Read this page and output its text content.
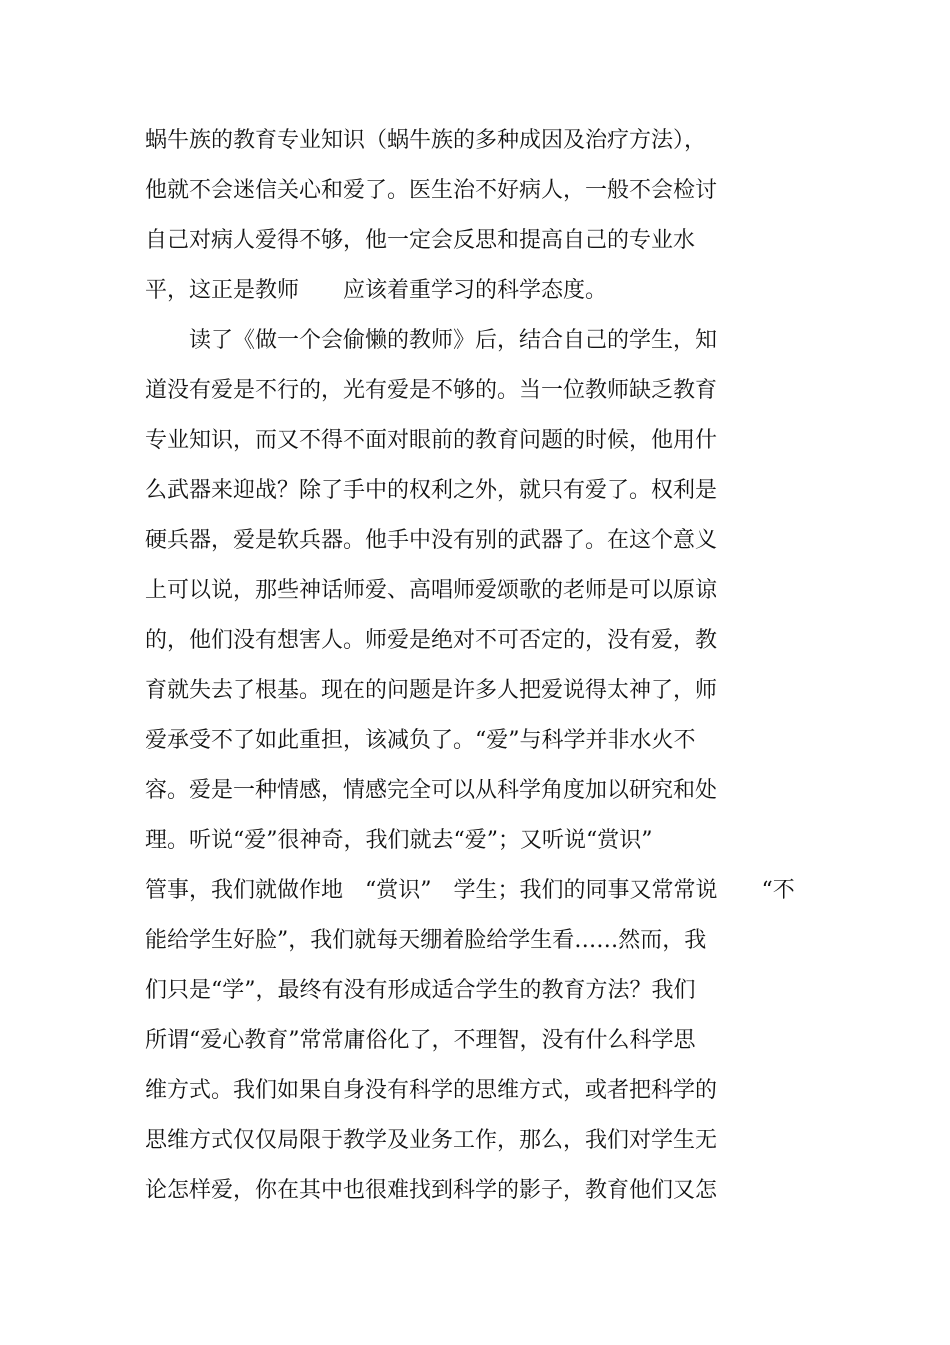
蜗牛族的教育专业知识（蜗牛族的多种成因及治疗方法），
他就不会迷信关心和爱了。医生治不好病人，一般不会检讨
自己对病人爱得不够，他一定会反思和提高自己的专业水
平，这正是教师　　应该着重学习的科学态度。
　　读了《做一个会偷懒的教师》后，结合自己的学生，知
道没有爱是不行的，光有爱是不够的。当一位教师缺乏教育
专业知识，而又不得不面对眼前的教育问题的时候，他用什
么武器来迎战？除了手中的权利之外，就只有爱了。权利是
硬兵器，爱是软兵器。他手中没有别的武器了。在这个意义
上可以说，那些神话师爱、高唱师爱颂歌的老师是可以原谅
的，他们没有想害人。师爱是绝对不可否定的，没有爱，教
育就失去了根基。现在的问题是许多人把爱说得太神了，师
爱承受不了如此重担，该减负了。“爱”与科学并非水火不
容。爱是一种情感，情感完全可以从科学角度加以研究和处
理。听说“爱”很神奇，我们就去“爱”；又听说“赏识”
管事，我们就做作地　“赏识”　学生；我们的同事又常常说　　“不
能给学生好脸”，我们就每天绷着脸给学生看……然而，我
们只是“学”，最终有没有形成适合学生的教育方法？我们
所谓“爱心教育”常常庸俗化了，不理智，没有什么科学思
维方式。我们如果自身没有科学的思维方式，或者把科学的
思维方式仅仅局限于教学及业务工作，那么，我们对学生无
论怎样爱，你在其中也很难找到科学的影子，教育他们又怎
